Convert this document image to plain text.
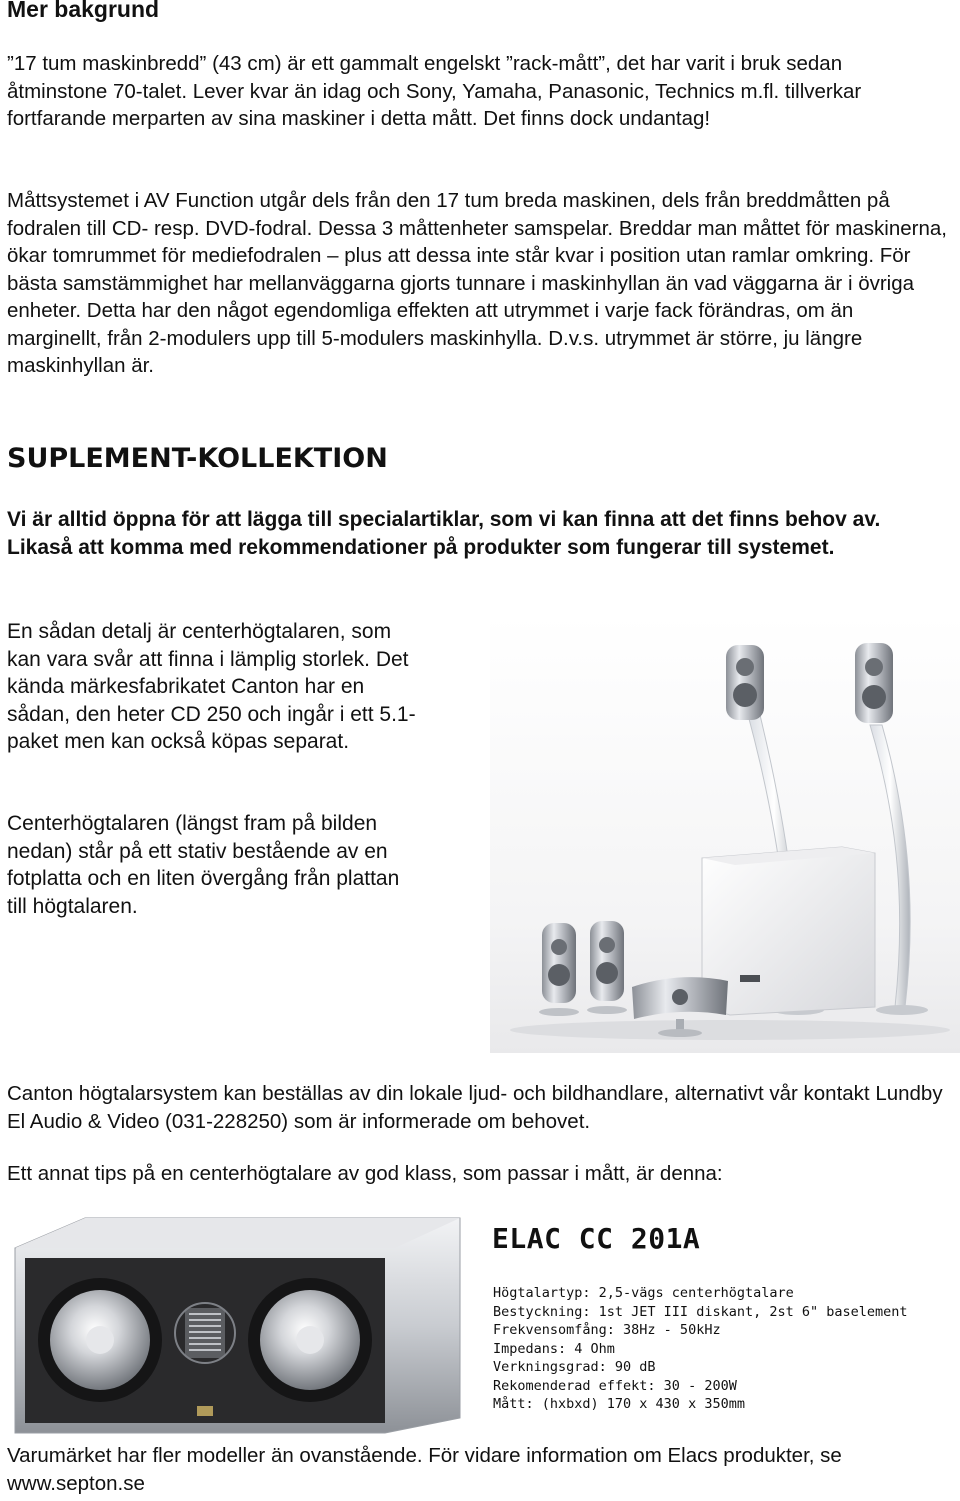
Mer bakgrund

”17 tum maskinbredd” (43 cm) är ett gammalt engelskt ”rack-mått”, det har varit i bruk sedan åtminstone 70-talet. Lever kvar än idag och Sony, Yamaha, Panasonic, Technics m.fl. tillverkar fortfarande merparten av sina maskiner i detta mått. Det finns dock undantag!

Måttsystemet i AV Function utgår dels från den 17 tum breda maskinen, dels från breddmåtten på fodralen till CD- resp. DVD-fodral. Dessa 3 måttenheter samspelar. Breddar man måttet för maskinerna, ökar tomrummet för mediefodralen – plus att dessa inte står kvar i position utan ramlar omkring. För bästa samstämmighet har mellanväggarna gjorts tunnare i maskinhyllan än vad väggarna är i övriga enheter. Detta har den något egendomliga effekten att utrymmet i varje fack förändras, om än marginellt, från 2-modulers upp till 5-modulers maskinhylla. D.v.s. utrymmet är större, ju längre maskinhyllan är.

SUPLEMENT-KOLLEKTION

Vi är alltid öppna för att lägga till specialartiklar, som vi kan finna att det finns behov av. Likaså att komma med rekommendationer på produkter som fungerar till systemet.

En sådan detalj är centerhögtalaren, som kan vara svår att finna i lämplig storlek. Det kända märkesfabrikatet Canton har en sådan, den heter CD 250 och ingår i ett 5.1-paket men kan också köpas separat.

Centerhögtalaren (längst fram på bilden nedan) står på ett stativ bestående av en fotplatta och en liten övergång från plattan till högtalaren.

Canton högtalarsystem kan beställas av din lokale ljud- och bildhandlare, alternativt vår kontakt Lundby El Audio & Video (031-228250) som är informerade om behovet.

Ett annat tips på en centerhögtalare av god klass, som passar i mått, är denna:

ELAC CC 201A
Högtalartyp: 2,5-vägs centerhögtalare
Bestyckning: 1st JET III diskant, 2st 6" baselement
Frekvensomfång: 38Hz - 50kHz
Impedans: 4 Ohm
Verkningsgrad: 90 dB
Rekomenderad effekt: 30 - 200W
Mått: (hxbxd) 170 x 430 x 350mm

Varumärket har fler modeller än ovanstående. För vidare information om Elacs produkter, se www.septon.se
